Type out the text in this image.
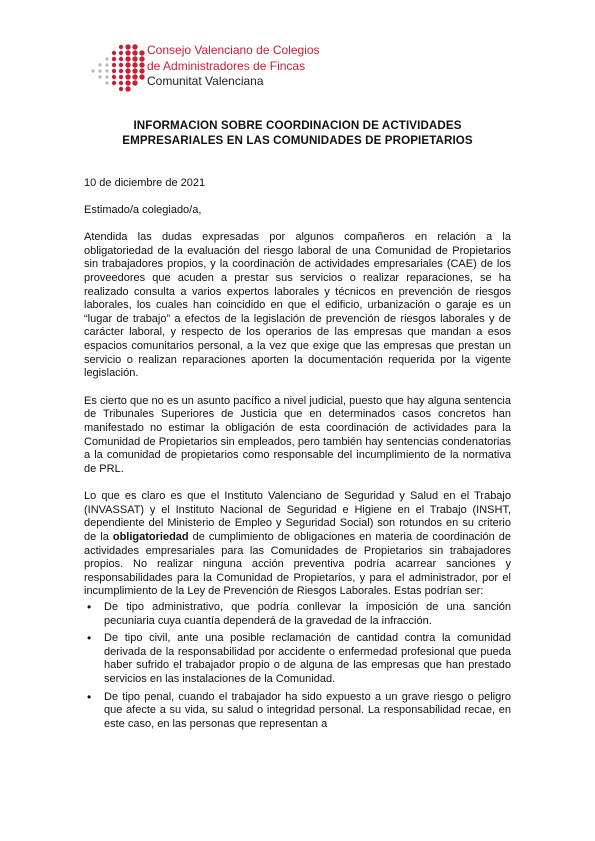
Consejo Valenciano de Colegios
de Administradores de Fincas
Comunitat Valenciana
INFORMACION SOBRE COORDINACION DE ACTIVIDADES
EMPRESARIALES EN LAS COMUNIDADES DE PROPIETARIOS

10 de diciembre de 2021

Estimado/a colegiado/a,

Atendida las dudas expresadas por algunos compañeros en relación a la obligatoriedad de la evaluación del riesgo laboral de una Comunidad de Propietarios sin trabajadores propios, y la coordinación de actividades empresariales (CAE) de los proveedores que acuden a prestar sus servicios o realizar reparaciones, se ha realizado consulta a varios expertos laborales y técnicos en prevención de riesgos laborales, los cuales han coincidido en que el edificio, urbanización o garaje es un “lugar de trabajo” a efectos de la legislación de prevención de riesgos laborales y de carácter laboral, y respecto de los operarios de las empresas que mandan a esos espacios comunitarios personal, a la vez que exige que las empresas que prestan un servicio o realizan reparaciones aporten la documentación requerida por la vigente legislación.

Es cierto que no es un asunto pacífico a nivel judicial, puesto que hay alguna sentencia de Tribunales Superiores de Justicia que en determinados casos concretos han manifestado no estimar la obligación de esta coordinación de actividades para la Comunidad de Propietarios sin empleados, pero también hay sentencias condenatorias a la comunidad de propietarios como responsable del incumplimiento de la normativa de PRL.

Lo que es claro es que el Instituto Valenciano de Seguridad y Salud en el Trabajo (INVASSAT) y el Instituto Nacional de Seguridad e Higiene en el Trabajo (INSHT, dependiente del Ministerio de Empleo y Seguridad Social) son rotundos en su criterio de la obligatoriedad de cumplimiento de obligaciones en materia de coordinación de actividades empresariales para las Comunidades de Propietarios sin trabajadores propios. No realizar ninguna acción preventiva podría acarrear sanciones y responsabilidades para la Comunidad de Propietarios, y para el administrador, por el incumplimiento de la Ley de Prevención de Riesgos Laborales. Estas podrían ser:

• De tipo administrativo, que podría conllevar la imposición de una sanción pecuniaria cuya cuantía dependerá de la gravedad de la infracción.
• De tipo civil, ante una posible reclamación de cantidad contra la comunidad derivada de la responsabilidad por accidente o enfermedad profesional que pueda haber sufrido el trabajador propio o de alguna de las empresas que han prestado servicios en las instalaciones de la Comunidad.
• De tipo penal, cuando el trabajador ha sido expuesto a un grave riesgo o peligro que afecte a su vida, su salud o integridad personal. La responsabilidad recae, en este caso, en las personas que representan a
